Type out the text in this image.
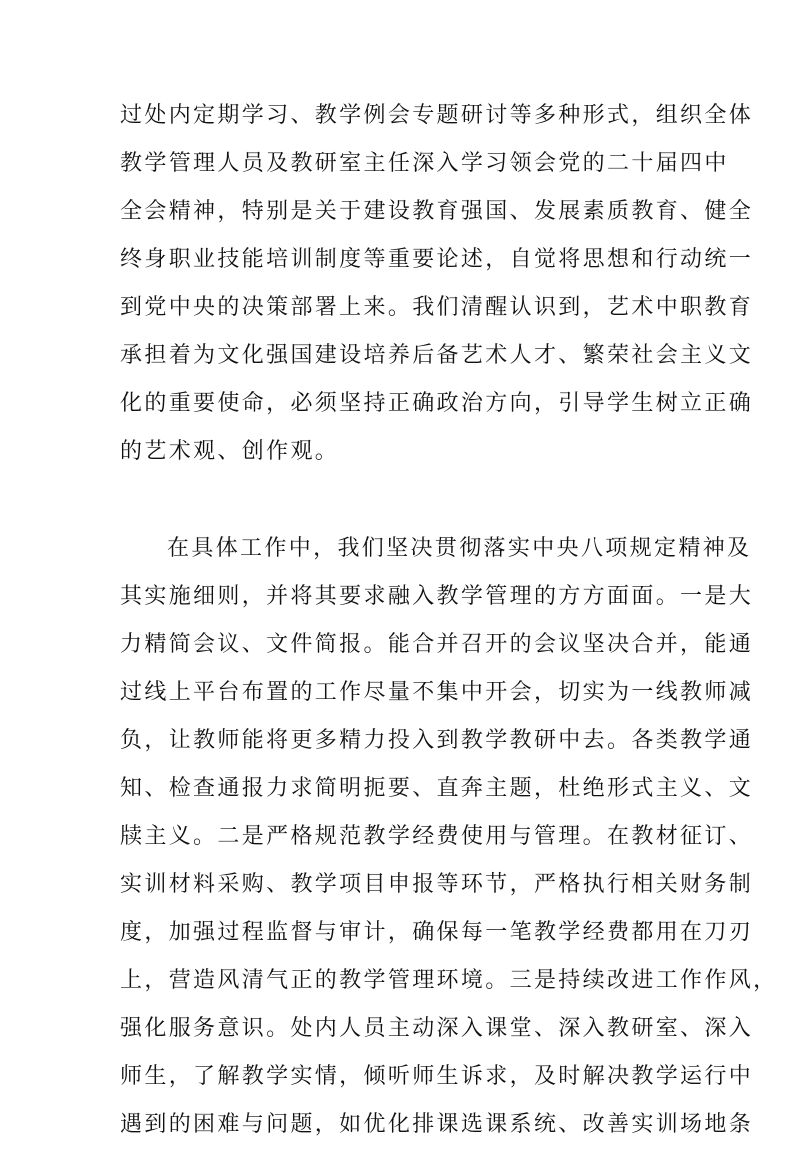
过处内定期学习、教学例会专题研讨等多种形式，组织全体
教学管理人员及教研室主任深入学习领会党的二十届四中
全会精神，特别是关于建设教育强国、发展素质教育、健全
终身职业技能培训制度等重要论述，自觉将思想和行动统一
到党中央的决策部署上来。我们清醒认识到，艺术中职教育
承担着为文化强国建设培养后备艺术人才、繁荣社会主义文
化的重要使命，必须坚持正确政治方向，引导学生树立正确
的艺术观、创作观。
在具体工作中，我们坚决贯彻落实中央八项规定精神及
其实施细则，并将其要求融入教学管理的方方面面。一是大
力精简会议、文件简报。能合并召开的会议坚决合并，能通
过线上平台布置的工作尽量不集中开会，切实为一线教师减
负，让教师能将更多精力投入到教学教研中去。各类教学通
知、检查通报力求简明扼要、直奔主题，杜绝形式主义、文
牍主义。二是严格规范教学经费使用与管理。在教材征订、
实训材料采购、教学项目申报等环节，严格执行相关财务制
度，加强过程监督与审计，确保每一笔教学经费都用在刀刃
上，营造风清气正的教学管理环境。三是持续改进工作作风，
强化服务意识。处内人员主动深入课堂、深入教研室、深入
师生，了解教学实情，倾听师生诉求，及时解决教学运行中
遇到的困难与问题，如优化排课选课系统、改善实训场地条
